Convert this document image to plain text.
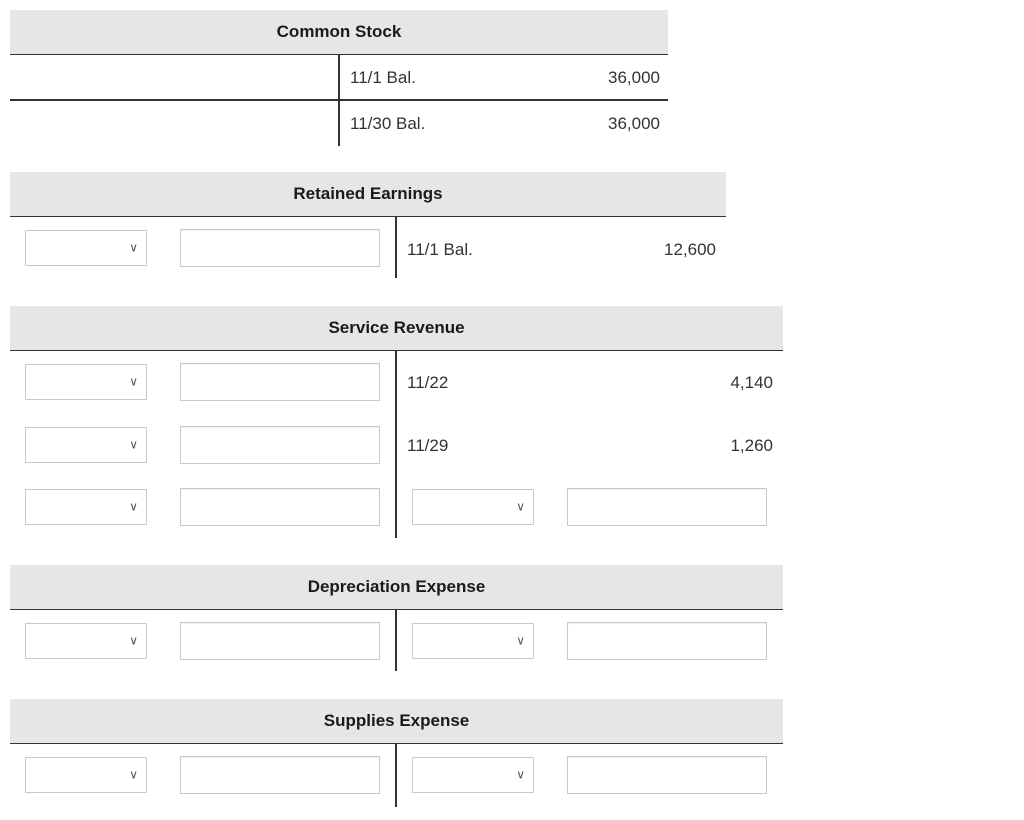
Common Stock
11/1 Bal.	36,000
11/30 Bal.	36,000
Retained Earnings
∨	11/1 Bal.	12,600
Service Revenue
∨	11/22	4,140
∨	11/29	1,260
∨	∨
Depreciation Expense
∨	∨
Supplies Expense
∨	∨
